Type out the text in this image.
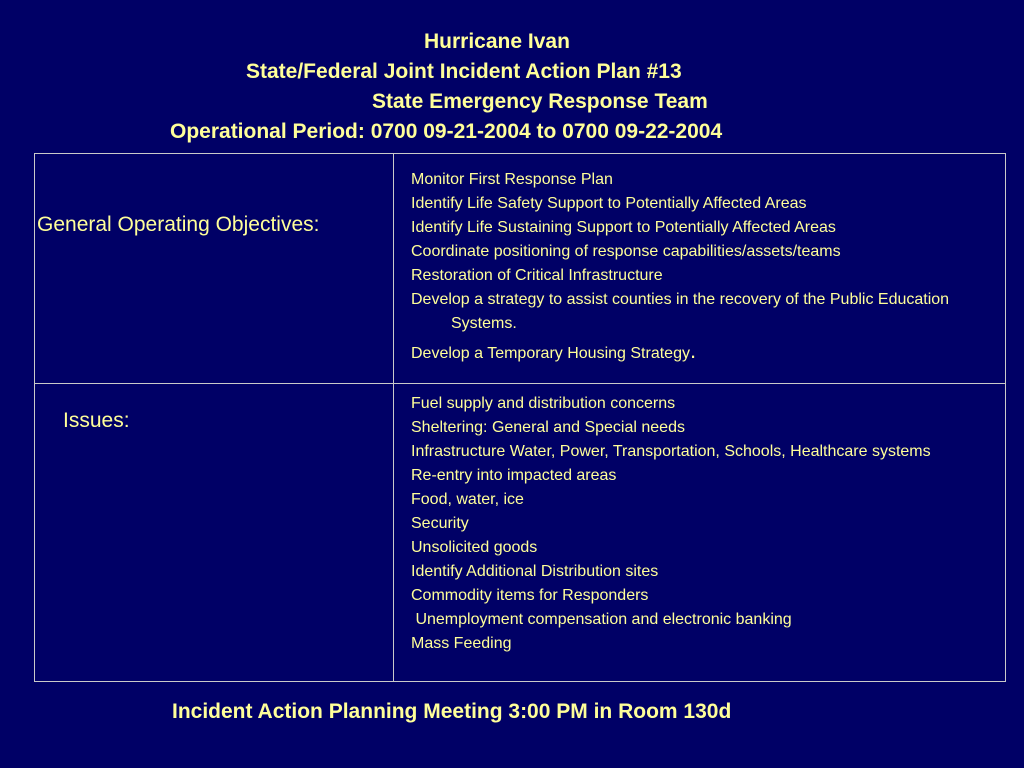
Hurricane Ivan
State/Federal Joint Incident Action Plan #13
State Emergency Response Team
Operational Period: 0700 09-21-2004 to 0700 09-22-2004
General Operating Objectives:
Monitor First Response Plan
Identify Life Safety Support to Potentially Affected Areas
Identify Life Sustaining Support to Potentially Affected Areas
Coordinate positioning of response capabilities/assets/teams
Restoration of Critical Infrastructure
Develop a strategy to assist counties in the recovery of the Public Education Systems.
Develop a Temporary Housing Strategy.
Issues:
Fuel supply and distribution concerns
Sheltering: General and Special needs
Infrastructure Water, Power, Transportation, Schools, Healthcare systems
Re-entry into impacted areas
Food, water, ice
Security
Unsolicited goods
Identify Additional Distribution sites
Commodity items for Responders
Unemployment compensation and electronic banking
Mass Feeding
Incident Action Planning Meeting 3:00 PM in Room 130d
